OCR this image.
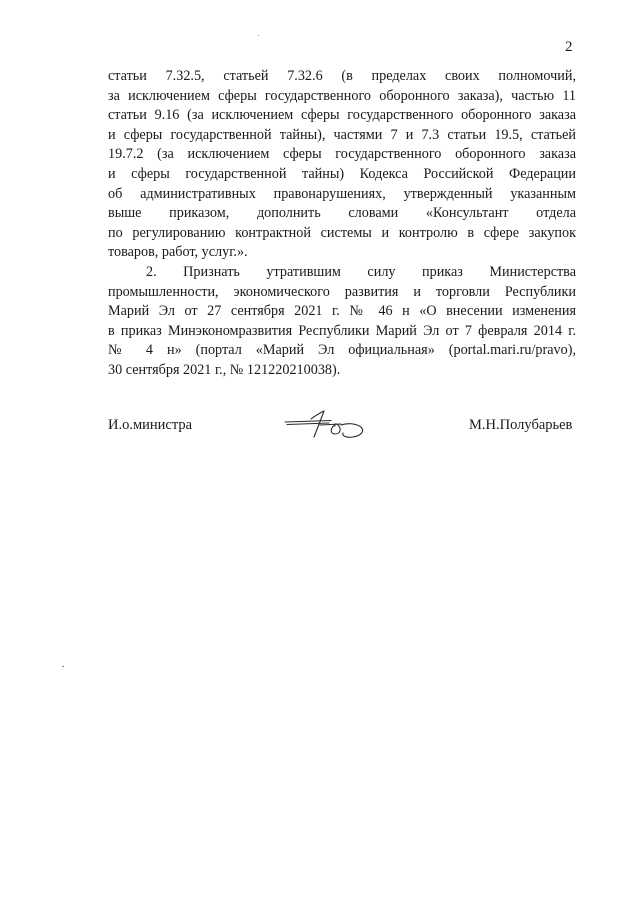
2
статьи 7.32.5, статьей 7.32.6 (в пределах своих полномочий,
за исключением сферы государственного оборонного заказа), частью 11
статьи 9.16 (за исключением сферы государственного оборонного заказа
и сферы государственной тайны), частями 7 и 7.3 статьи 19.5, статьей
19.7.2 (за исключением сферы государственного оборонного заказа
и сферы государственной тайны) Кодекса Российской Федерации
об административных правонарушениях, утвержденный указанным
выше приказом, дополнить словами «Консультант отдела
по регулированию контрактной системы и контролю в сфере закупок
товаров, работ, услуг.».
2. Признать утратившим силу приказ Министерства
промышленности, экономического развития и торговли Республики
Марий Эл от 27 сентября 2021 г. № 46 н «О внесении изменения
в приказ Минэкономразвития Республики Марий Эл от 7 февраля 2014 г.
№ 4 н» (портал «Марий Эл официальная» (portal.mari.ru/pravo),
30 сентября 2021 г., № 121220210038).
И.о.министра	М.Н.Полубарьев
